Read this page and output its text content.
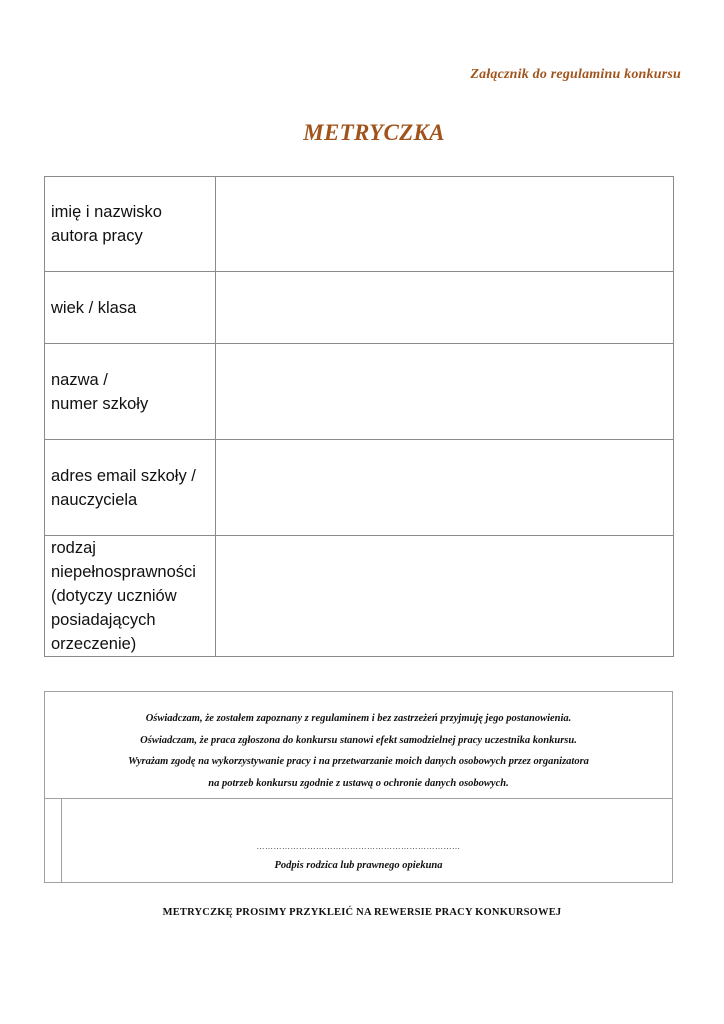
Załącznik do regulaminu konkursu
METRYCZKA
imię i nazwisko
autora pracy	

wiek / klasa	

nazwa /
numer szkoły	

adres email szkoły /
nauczyciela	

rodzaj
niepełnosprawności
(dotyczy uczniów
posiadających
orzeczenie)	

Oświadczam, że zostałem zapoznany z regulaminem i bez zastrzeżeń przyjmuję jego postanowienia.
Oświadczam, że praca zgłoszona do konkursu stanowi efekt samodzielnej pracy uczestnika konkursu.
Wyrażam zgodę na wykorzystywanie pracy i na przetwarzanie moich danych osobowych przez organizatora
na potrzeb konkursu zgodnie z ustawą o ochronie danych osobowych.
………………………………………………………………
Podpis rodzica lub prawnego opiekuna
METRYCZKĘ PROSIMY PRZYKLEIĆ NA REWERSIE PRACY KONKURSOWEJ
